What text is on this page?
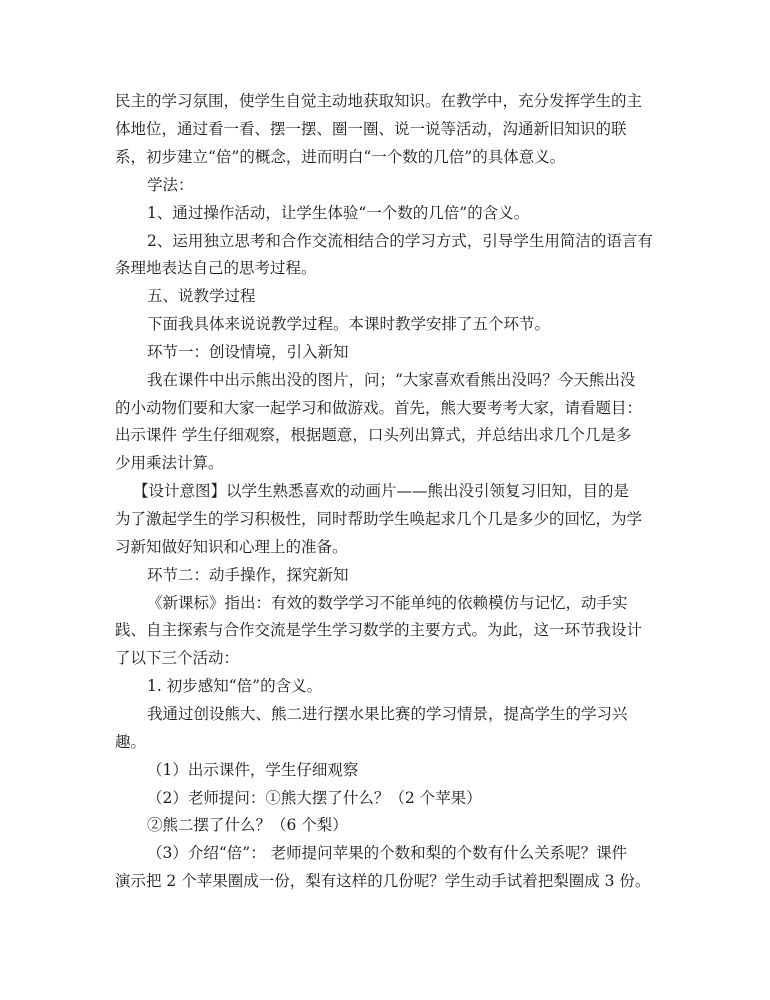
民主的学习氛围，使学生自觉主动地获取知识。在教学中，充分发挥学生的主

体地位，通过看一看、摆一摆、圈一圈、说一说等活动，沟通新旧知识的联

系，初步建立“倍”的概念，进而明白“一个数的几倍”的具体意义。

学法：

1、通过操作活动，让学生体验“一个数的几倍”的含义。

2、运用独立思考和合作交流相结合的学习方式，引导学生用简洁的语言有

条理地表达自己的思考过程。

五、说教学过程

下面我具体来说说教学过程。本课时教学安排了五个环节。

环节一：创设情境，引入新知

我在课件中出示熊出没的图片，问；“大家喜欢看熊出没吗？今天熊出没

的小动物们要和大家一起学习和做游戏。首先，熊大要考考大家，请看题目：

出示课件 学生仔细观察，根据题意，口头列出算式，并总结出求几个几是多

少用乘法计算。

【设计意图】以学生熟悉喜欢的动画片——熊出没引领复习旧知，目的是

为了激起学生的学习积极性，同时帮助学生唤起求几个几是多少的回忆，为学

习新知做好知识和心理上的准备。

环节二：动手操作，探究新知

《新课标》指出：有效的数学学习不能单纯的依赖模仿与记忆，动手实

践、自主探索与合作交流是学生学习数学的主要方式。为此，这一环节我设计

了以下三个活动：

1. 初步感知“倍”的含义。

我通过创设熊大、熊二进行摆水果比赛的学习情景，提高学生的学习兴

趣。

（1）出示课件，学生仔细观察

（2）老师提问：①熊大摆了什么？（2 个苹果）

②熊二摆了什么？（6 个梨）

（3）介绍“倍”： 老师提问苹果的个数和梨的个数有什么关系呢？课件

演示把 2 个苹果圈成一份，梨有这样的几份呢？学生动手试着把梨圈成 3 份。
